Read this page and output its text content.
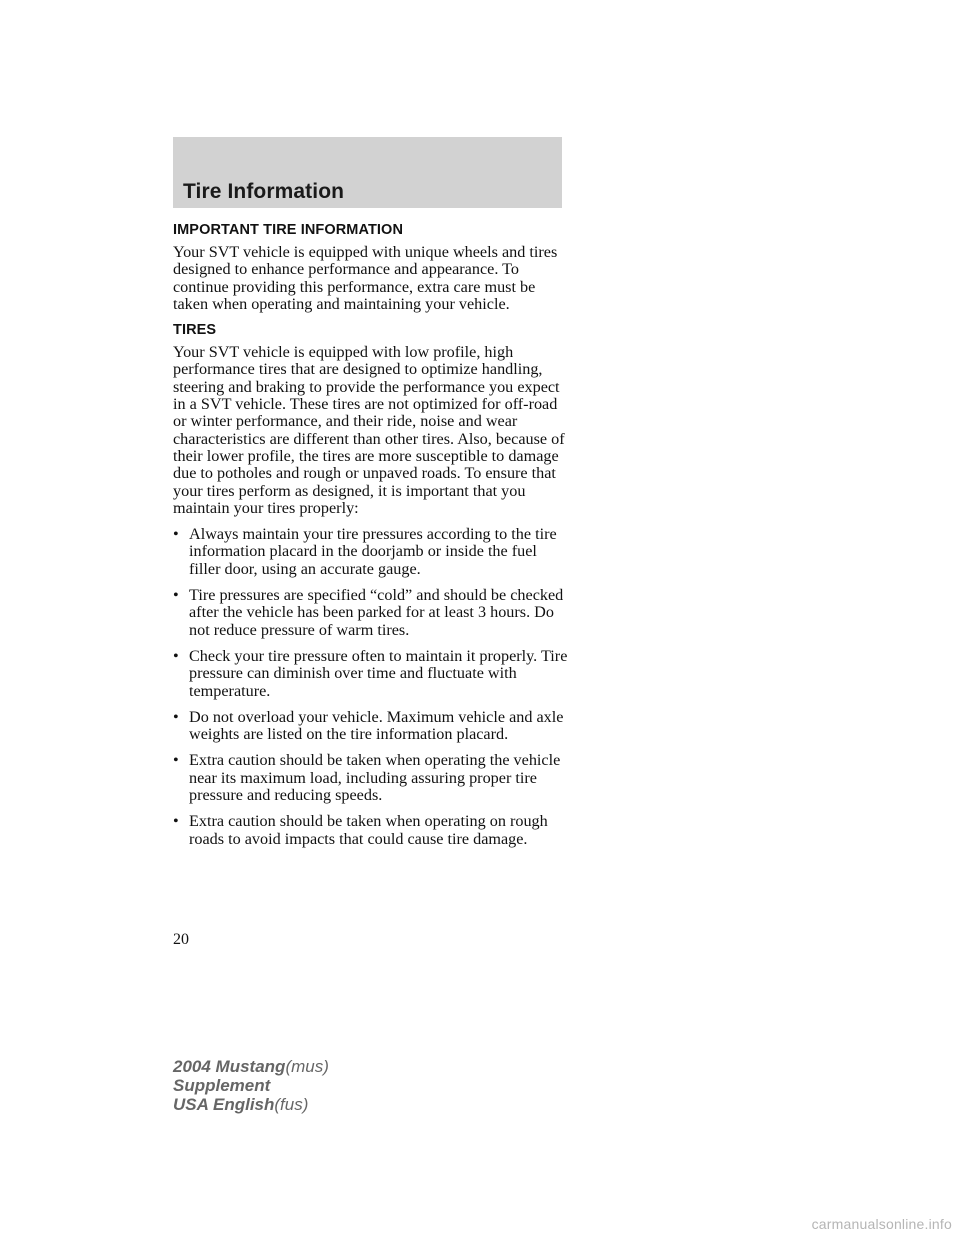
Tire Information
IMPORTANT TIRE INFORMATION

Your SVT vehicle is equipped with unique wheels and tires designed to enhance performance and appearance. To continue providing this performance, extra care must be taken when operating and maintaining your vehicle.

TIRES

Your SVT vehicle is equipped with low profile, high performance tires that are designed to optimize handling, steering and braking to provide the performance you expect in a SVT vehicle. These tires are not optimized for off-road or winter performance, and their ride, noise and wear characteristics are different than other tires. Also, because of their lower profile, the tires are more susceptible to damage due to potholes and rough or unpaved roads. To ensure that your tires perform as designed, it is important that you maintain your tires properly:

• Always maintain your tire pressures according to the tire information placard in the doorjamb or inside the fuel filler door, using an accurate gauge.
• Tire pressures are specified “cold” and should be checked after the vehicle has been parked for at least 3 hours. Do not reduce pressure of warm tires.
• Check your tire pressure often to maintain it properly. Tire pressure can diminish over time and fluctuate with temperature.
• Do not overload your vehicle. Maximum vehicle and axle weights are listed on the tire information placard.
• Extra caution should be taken when operating the vehicle near its maximum load, including assuring proper tire pressure and reducing speeds.
• Extra caution should be taken when operating on rough roads to avoid impacts that could cause tire damage.

20

2004 Mustang(mus)
Supplement
USA English(fus)

carmanualsonline.info
